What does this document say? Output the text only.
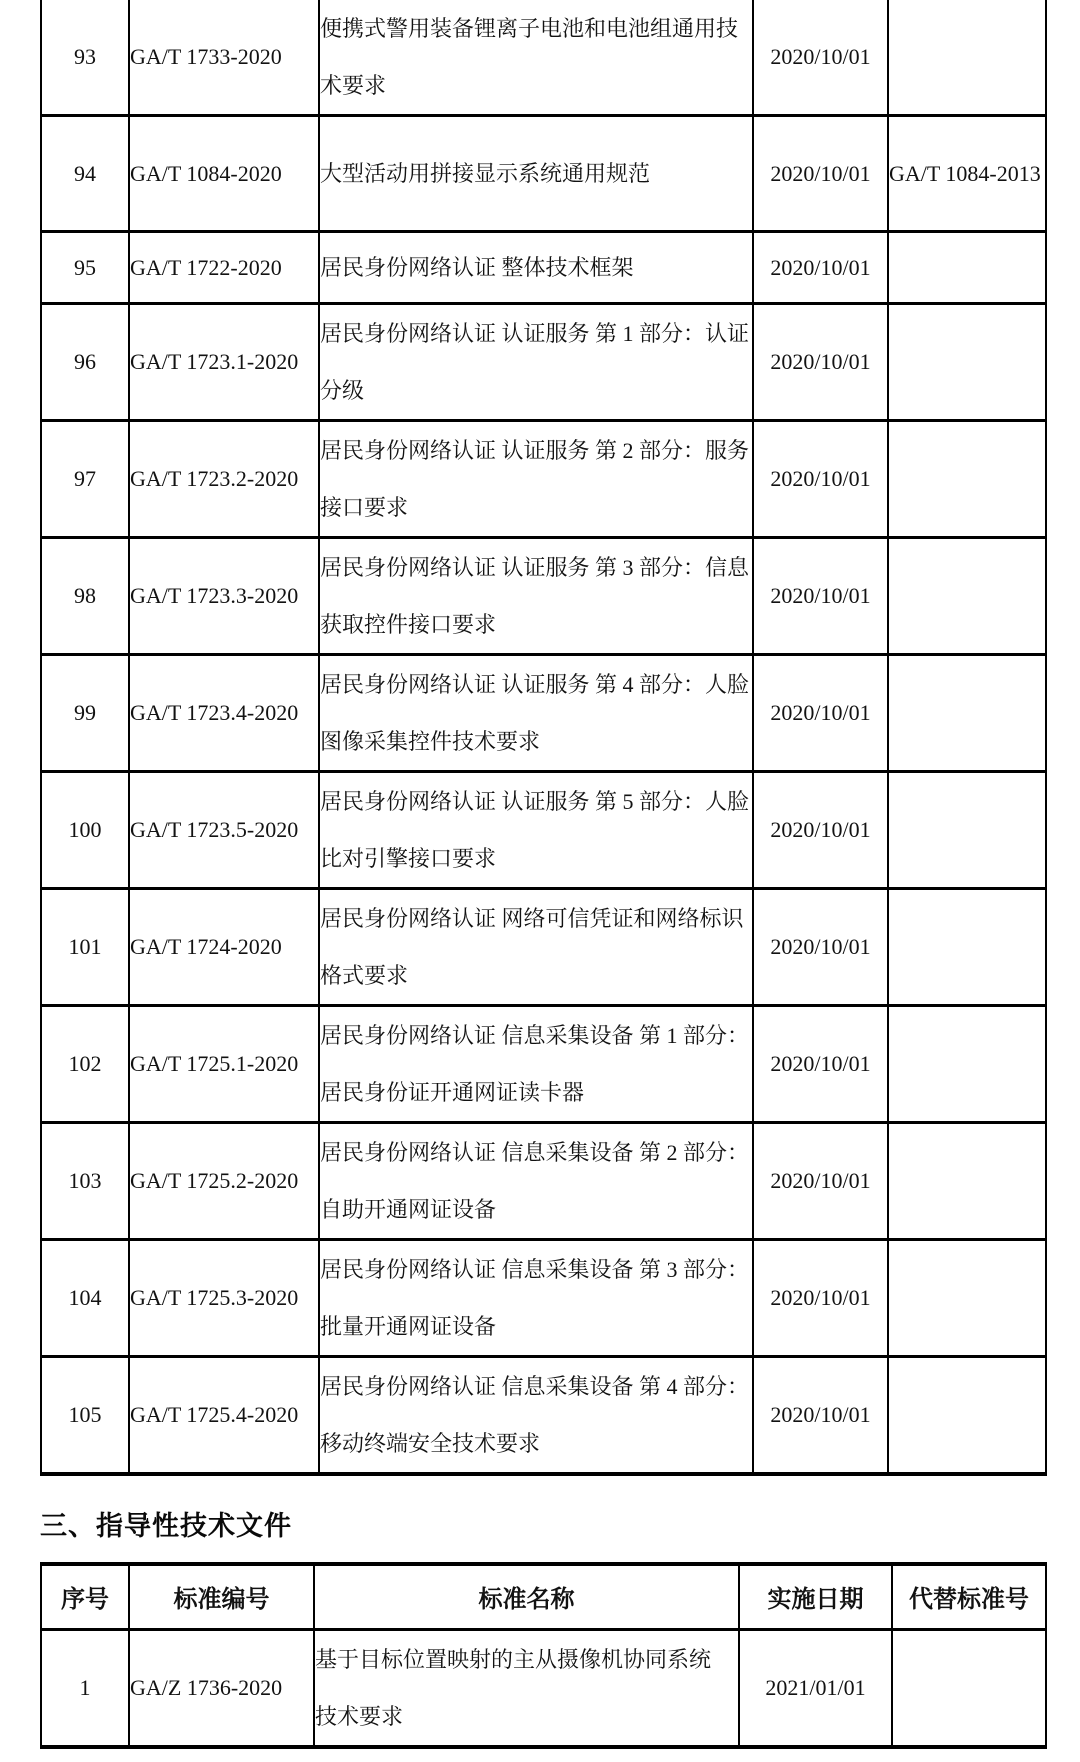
93	GA/T 1733-2020	便携式警用装备锂离子电池和电池组通用技
术要求	2020/10/01	
94	GA/T 1084-2020	大型活动用拼接显示系统通用规范	2020/10/01	GA/T 1084-2013
95	GA/T 1722-2020	居民身份网络认证 整体技术框架	2020/10/01	
96	GA/T 1723.1-2020	居民身份网络认证 认证服务 第 1 部分：认证
分级	2020/10/01	
97	GA/T 1723.2-2020	居民身份网络认证 认证服务 第 2 部分：服务
接口要求	2020/10/01	
98	GA/T 1723.3-2020	居民身份网络认证 认证服务 第 3 部分：信息
获取控件接口要求	2020/10/01	
99	GA/T 1723.4-2020	居民身份网络认证 认证服务 第 4 部分：人脸
图像采集控件技术要求	2020/10/01	
100	GA/T 1723.5-2020	居民身份网络认证 认证服务 第 5 部分：人脸
比对引擎接口要求	2020/10/01	
101	GA/T 1724-2020	居民身份网络认证 网络可信凭证和网络标识
格式要求	2020/10/01	
102	GA/T 1725.1-2020	居民身份网络认证 信息采集设备 第 1 部分：
居民身份证开通网证读卡器	2020/10/01	
103	GA/T 1725.2-2020	居民身份网络认证 信息采集设备 第 2 部分：
自助开通网证设备	2020/10/01	
104	GA/T 1725.3-2020	居民身份网络认证 信息采集设备 第 3 部分：
批量开通网证设备	2020/10/01	
105	GA/T 1725.4-2020	居民身份网络认证 信息采集设备 第 4 部分：
移动终端安全技术要求	2020/10/01	
三、指导性技术文件
序号	标准编号	标准名称	实施日期	代替标准号
1	GA/Z 1736-2020	基于目标位置映射的主从摄像机协同系统
技术要求	2021/01/01	
